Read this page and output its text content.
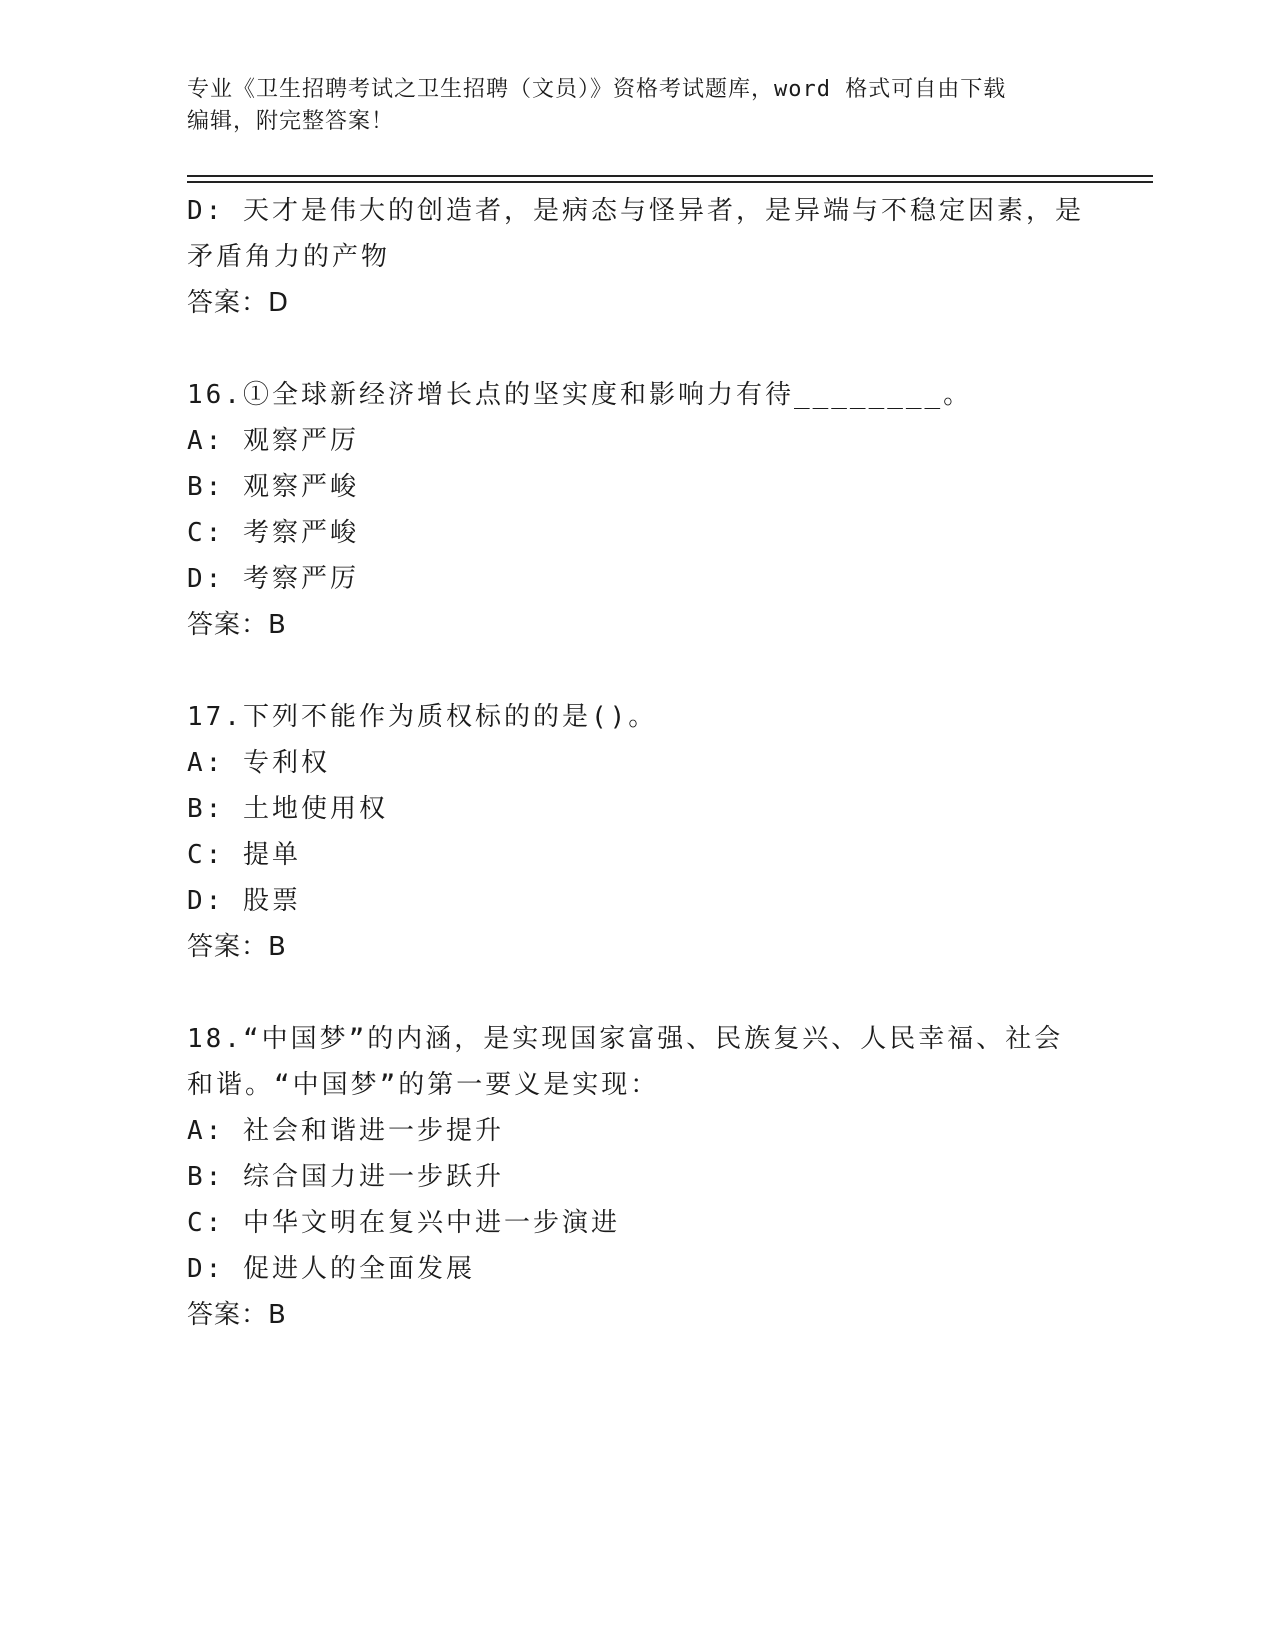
专业《卫生招聘考试之卫生招聘（文员）》资格考试题库，word 格式可自由下载
编辑，附完整答案！
D: 天才是伟大的创造者，是病态与怪异者，是异端与不稳定因素，是
矛盾角力的产物
答案：D
16.①全球新经济增长点的坚实度和影响力有待________。
A: 观察严厉
B: 观察严峻
C: 考察严峻
D: 考察严厉
答案：B
17.下列不能作为质权标的的是()。
A: 专利权
B: 土地使用权
C: 提单
D: 股票
答案：B
18.“中国梦”的内涵，是实现国家富强、民族复兴、人民幸福、社会
和谐。“中国梦”的第一要义是实现：
A: 社会和谐进一步提升
B: 综合国力进一步跃升
C: 中华文明在复兴中进一步演进
D: 促进人的全面发展
答案：B
